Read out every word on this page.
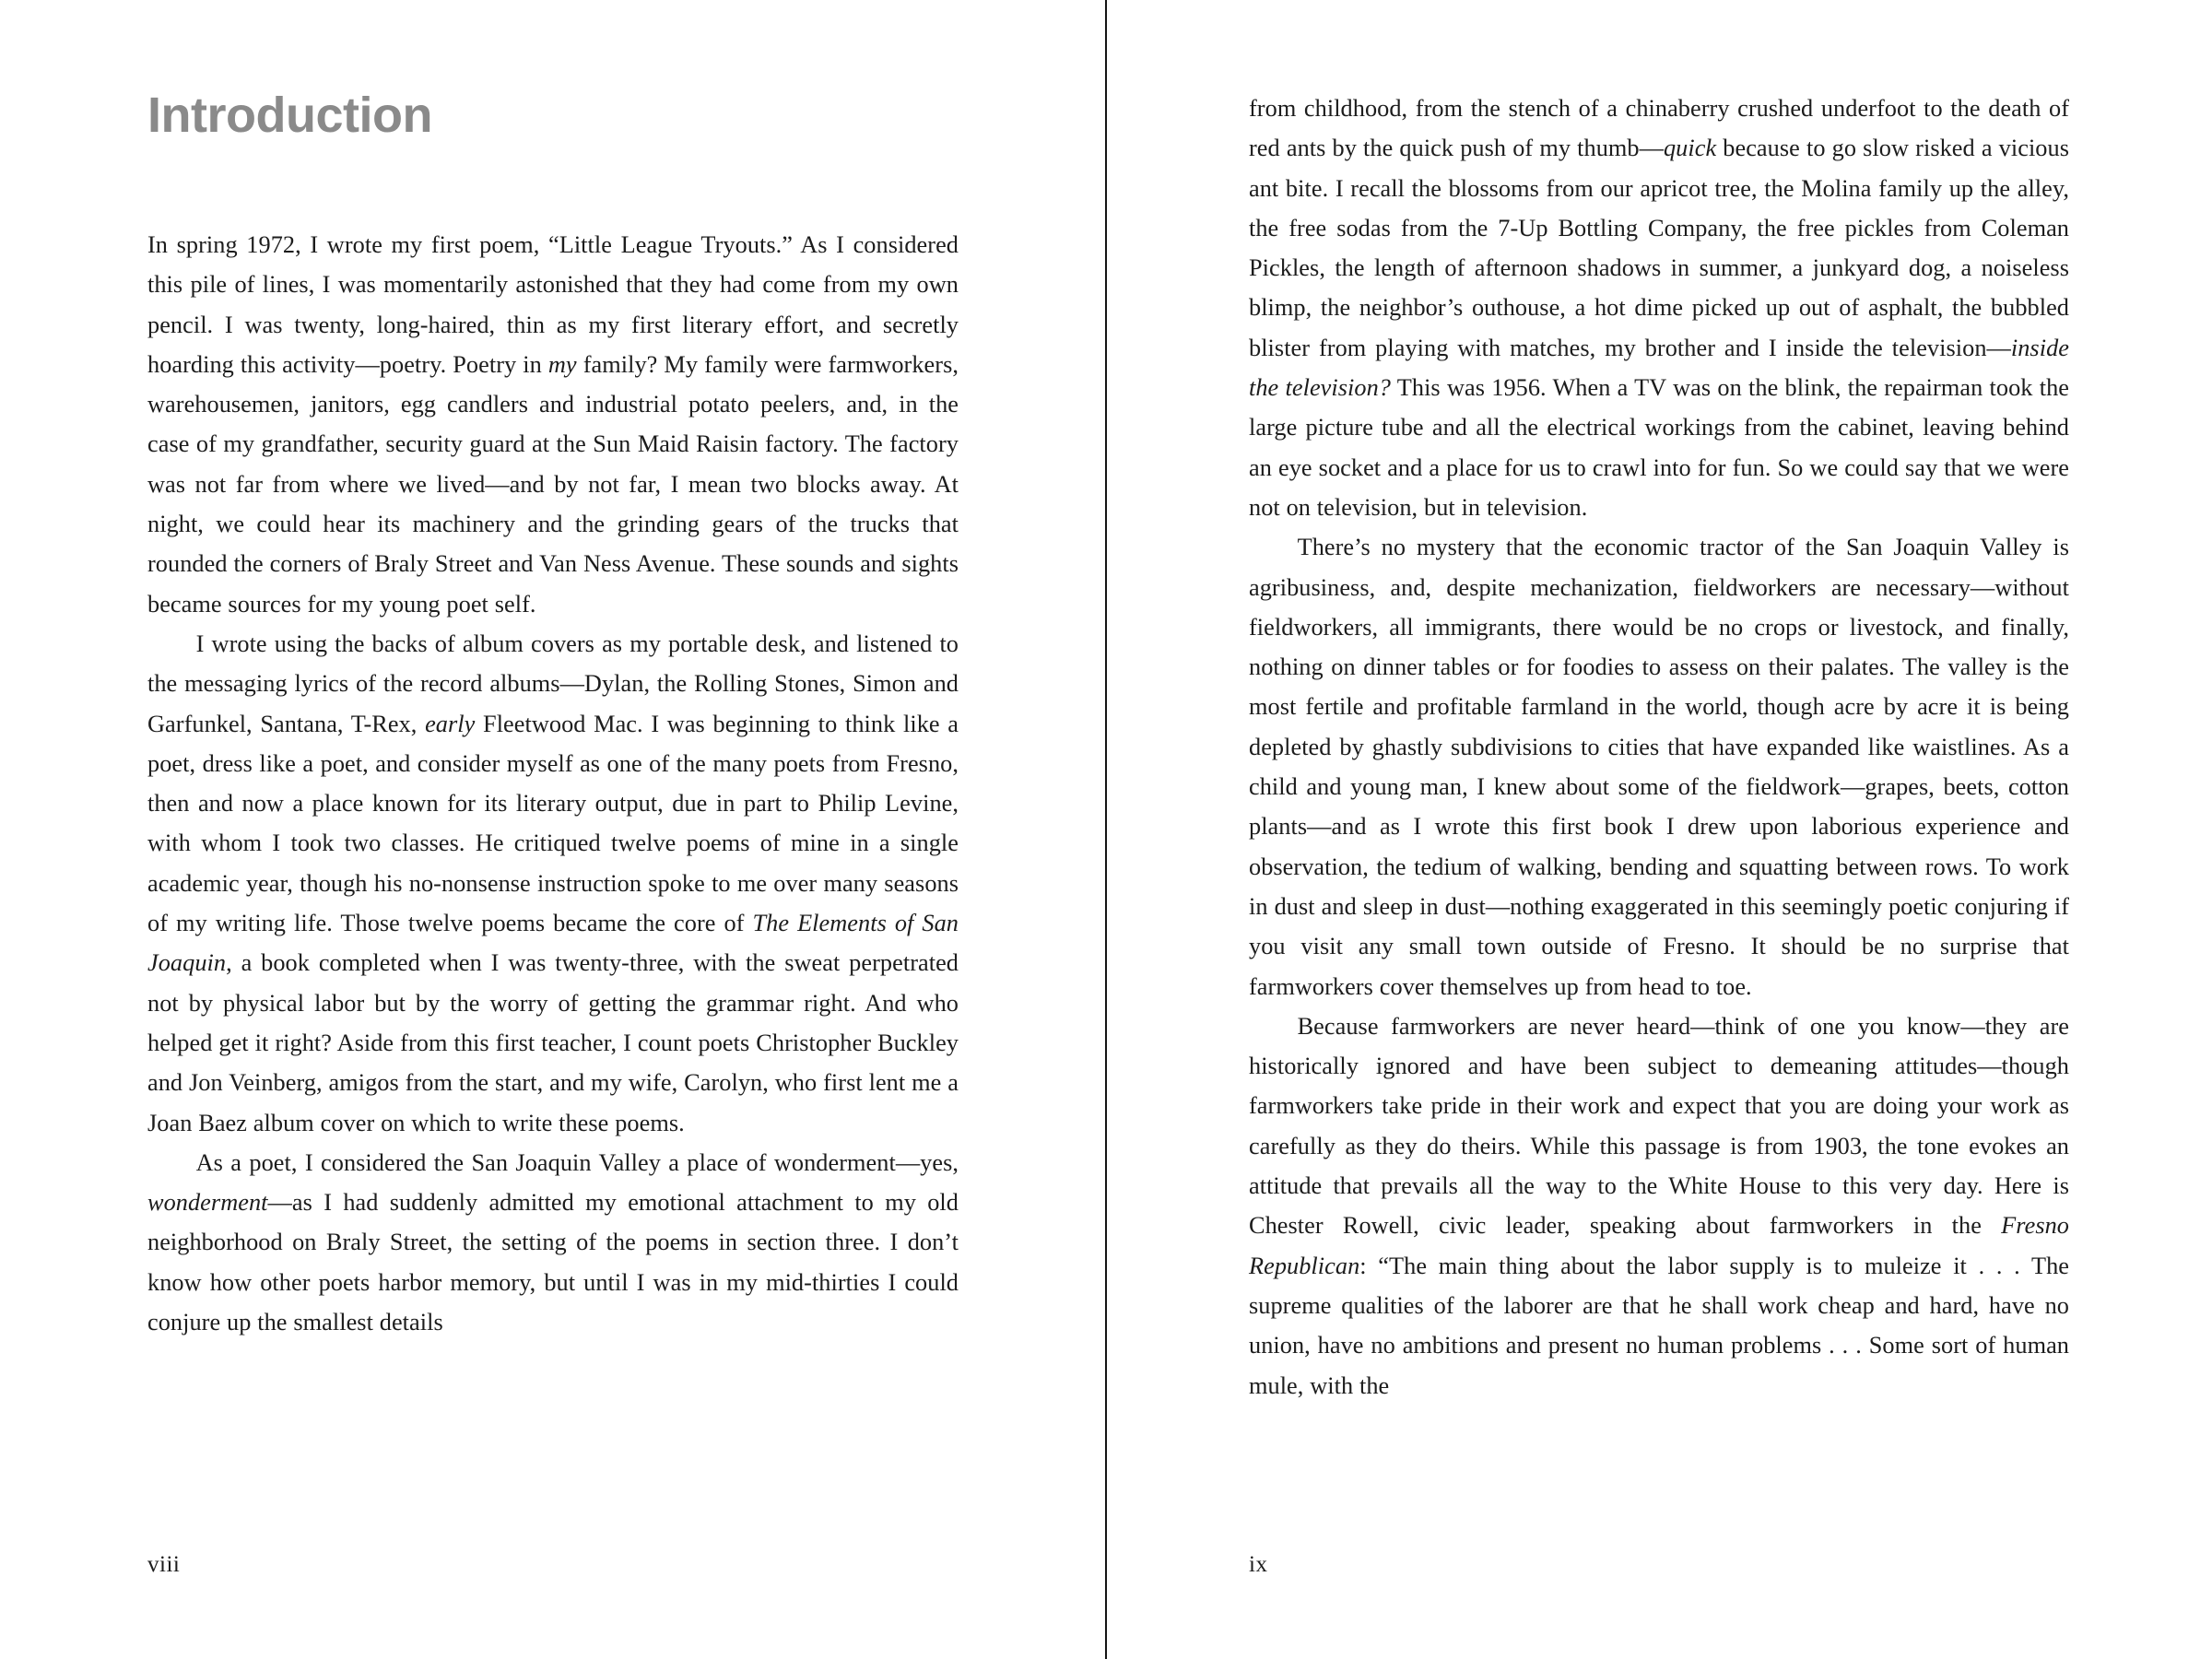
Introduction

In spring 1972, I wrote my first poem, “Little League Tryouts.” As I considered this pile of lines, I was momentarily astonished that they had come from my own pencil. I was twenty, long-haired, thin as my first literary effort, and secretly hoarding this activity—poetry. Poetry in my family? My family were farmworkers, warehousemen, janitors, egg candlers and industrial potato peelers, and, in the case of my grandfather, security guard at the Sun Maid Raisin factory. The factory was not far from where we lived—and by not far, I mean two blocks away. At night, we could hear its machinery and the grinding gears of the trucks that rounded the corners of Braly Street and Van Ness Avenue. These sounds and sights became sources for my young poet self.

I wrote using the backs of album covers as my portable desk, and listened to the messaging lyrics of the record albums—Dylan, the Rolling Stones, Simon and Garfunkel, Santana, T-Rex, early Fleetwood Mac. I was beginning to think like a poet, dress like a poet, and consider myself as one of the many poets from Fresno, then and now a place known for its literary output, due in part to Philip Levine, with whom I took two classes. He critiqued twelve poems of mine in a single academic year, though his no-nonsense instruction spoke to me over many seasons of my writing life. Those twelve poems became the core of The Elements of San Joaquin, a book completed when I was twenty-three, with the sweat perpetrated not by physical labor but by the worry of getting the grammar right. And who helped get it right? Aside from this first teacher, I count poets Christopher Buckley and Jon Veinberg, amigos from the start, and my wife, Carolyn, who first lent me a Joan Baez album cover on which to write these poems.

As a poet, I considered the San Joaquin Valley a place of wonderment—yes, wonderment—as I had suddenly admitted my emotional attachment to my old neighborhood on Braly Street, the setting of the poems in section three. I don’t know how other poets harbor memory, but until I was in my mid-thirties I could conjure up the smallest details

viii

from childhood, from the stench of a chinaberry crushed underfoot to the death of red ants by the quick push of my thumb—quick because to go slow risked a vicious ant bite. I recall the blossoms from our apricot tree, the Molina family up the alley, the free sodas from the 7-Up Bottling Company, the free pickles from Coleman Pickles, the length of afternoon shadows in summer, a junkyard dog, a noiseless blimp, the neighbor’s outhouse, a hot dime picked up out of asphalt, the bubbled blister from playing with matches, my brother and I inside the television—inside the television? This was 1956. When a TV was on the blink, the repairman took the large picture tube and all the electrical workings from the cabinet, leaving behind an eye socket and a place for us to crawl into for fun. So we could say that we were not on television, but in television.

There’s no mystery that the economic tractor of the San Joaquin Valley is agribusiness, and, despite mechanization, fieldworkers are necessary—without fieldworkers, all immigrants, there would be no crops or livestock, and finally, nothing on dinner tables or for foodies to assess on their palates. The valley is the most fertile and profitable farmland in the world, though acre by acre it is being depleted by ghastly subdivisions to cities that have expanded like waistlines. As a child and young man, I knew about some of the fieldwork—grapes, beets, cotton plants—and as I wrote this first book I drew upon laborious experience and observation, the tedium of walking, bending and squatting between rows. To work in dust and sleep in dust—nothing exaggerated in this seemingly poetic conjuring if you visit any small town outside of Fresno. It should be no surprise that farmworkers cover themselves up from head to toe.

Because farmworkers are never heard—think of one you know—they are historically ignored and have been subject to demeaning attitudes—though farmworkers take pride in their work and expect that you are doing your work as carefully as they do theirs. While this passage is from 1903, the tone evokes an attitude that prevails all the way to the White House to this very day. Here is Chester Rowell, civic leader, speaking about farmworkers in the Fresno Republican: “The main thing about the labor supply is to muleize it . . . The supreme qualities of the laborer are that he shall work cheap and hard, have no union, have no ambitions and present no human problems . . . Some sort of human mule, with the

ix
